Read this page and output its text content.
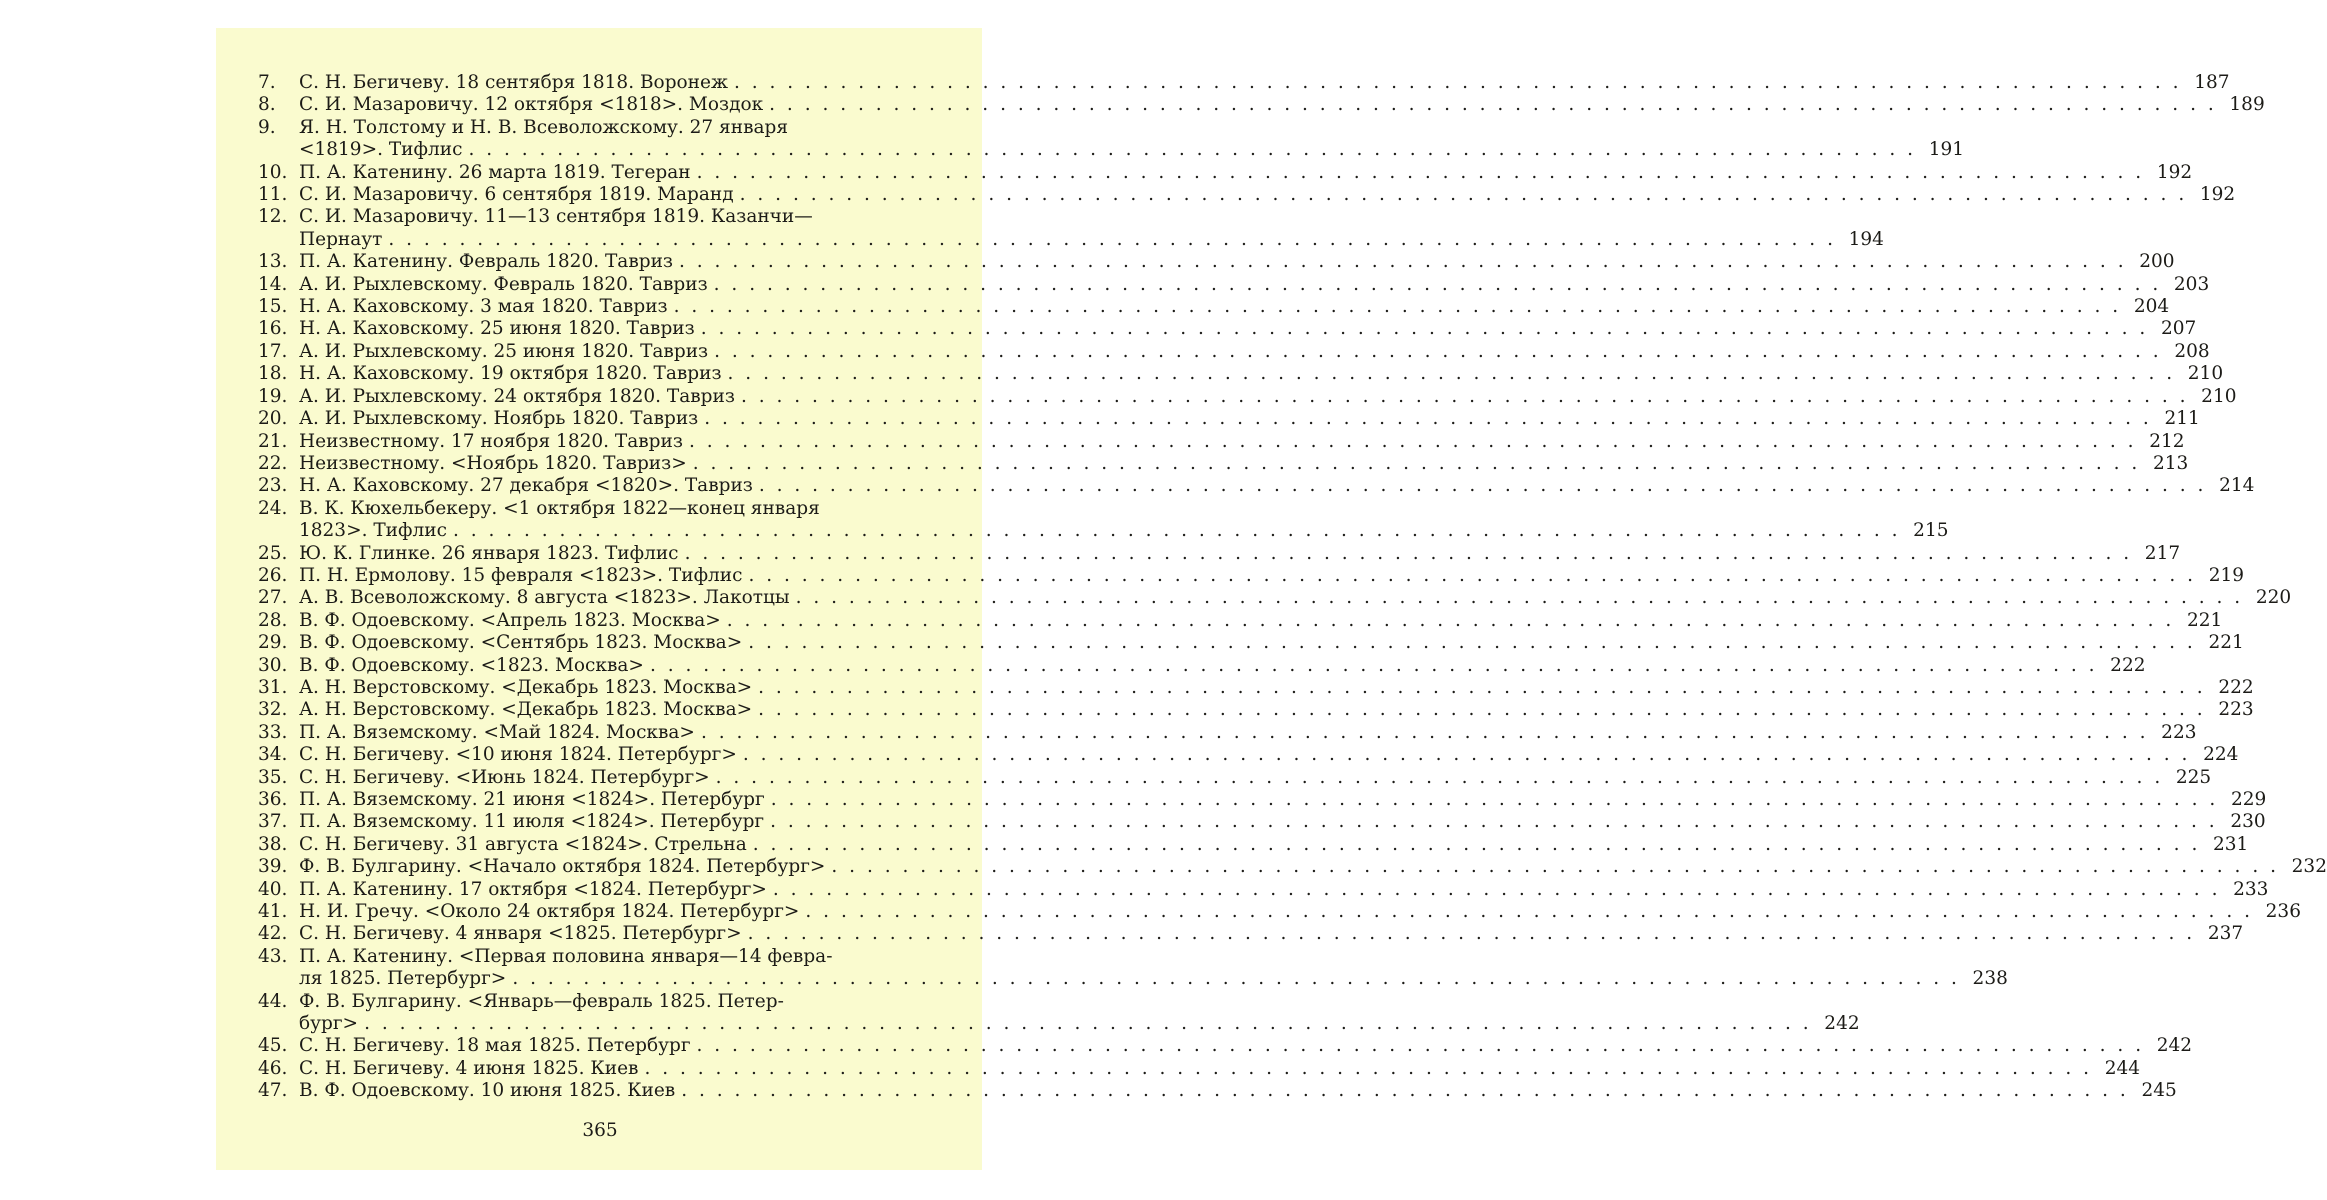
7.	С. Н. Бегичеву. 18 сентября 1818. Воронеж . . .	187
8.	С. И. Мазаровичу. 12 октября <1818>. Моздок . . .	189
9.	Я. Н. Толстому и Н. В. Всеволожскому. 27 января
<1819>. Тифлис . . .	191
10. П. А. Катенину. 26 марта 1819. Тегеран . . .	192
11. С. И. Мазаровичу. 6 сентября 1819. Маранд . . .	192
12. С. И. Мазаровичу. 11—13 сентября 1819. Казанчи—
Пернаут . . .	194
13. П. А. Катенину. Февраль 1820. Тавриз . . .	200
14. А. И. Рыхлевскому. Февраль 1820. Тавриз . . .	203
15. Н. А. Каховскому. 3 мая 1820. Тавриз . . .	204
16. Н. А. Каховскому. 25 июня 1820. Тавриз . . .	207
17. А. И. Рыхлевскому. 25 июня 1820. Тавриз . . .	208
18. Н. А. Каховскому. 19 октября 1820. Тавриз . . .	210
19. А. И. Рыхлевскому. 24 октября 1820. Тавриз . . .	210
20. А. И. Рыхлевскому. Ноябрь 1820. Тавриз . . .	211
21. Неизвестному. 17 ноября 1820. Тавриз . . .	212
22. Неизвестному. <Ноябрь 1820. Тавриз> . . .	213
23. Н. А. Каховскому. 27 декабря <1820>. Тавриз . . .	214
24. В. К. Кюхельбекеру. <1 октября 1822—конец января
1823>. Тифлис . . .	215
25. Ю. К. Глинке. 26 января 1823. Тифлис . . .	217
26. П. Н. Ермолову. 15 февраля <1823>. Тифлис . . .	219
27. А. В. Всеволожскому. 8 августа <1823>. Лакотцы . . .	220
28. В. Ф. Одоевскому. <Апрель 1823. Москва> . . .	221
29. В. Ф. Одоевскому. <Сентябрь 1823. Москва> . . .	221
30. В. Ф. Одоевскому. <1823. Москва> . . .	222
31. А. Н. Верстовскому. <Декабрь 1823. Москва> . . .	222
32. А. Н. Верстовскому. <Декабрь 1823. Москва> . . .	223
33. П. А. Вяземскому. <Май 1824. Москва> . . .	223
34. С. Н. Бегичеву. <10 июня 1824. Петербург> . . .	224
35. С. Н. Бегичеву. <Июнь 1824. Петербург> . . .	225
36. П. А. Вяземскому. 21 июня <1824>. Петербург . . .	229
37. П. А. Вяземскому. 11 июля <1824>. Петербург . . .	230
38. С. Н. Бегичеву. 31 августа <1824>. Стрельна . . .	231
39. Ф. В. Булгарину. <Начало октября 1824. Петербург> . . .	232
40. П. А. Катенину. 17 октября <1824. Петербург> . . .	233
41. Н. И. Гречу. <Около 24 октября 1824. Петербург> . . .	236
42. С. Н. Бегичеву. 4 января <1825. Петербург> . . .	237
43. П. А. Катенину. <Первая половина января—14 февра-
ля 1825. Петербург> . . .	238
44. Ф. В. Булгарину. <Январь—февраль 1825. Петер-
бург> . . .	242
45. С. Н. Бегичеву. 18 мая 1825. Петербург . . .	242
46. С. Н. Бегичеву. 4 июня 1825. Киев . . .	244
47. В. Ф. Одоевскому. 10 июня 1825. Киев . . .	245
365
